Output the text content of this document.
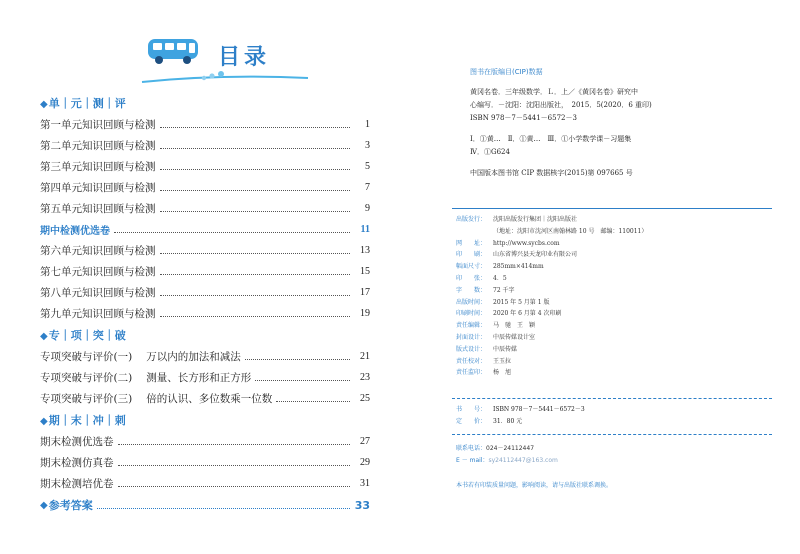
目录
◆单｜元｜测｜评
第一单元知识回顾与检测	1
第二单元知识回顾与检测	3
第三单元知识回顾与检测	5
第四单元知识回顾与检测	7
第五单元知识回顾与检测	9
期中检测优选卷	11
第六单元知识回顾与检测	13
第七单元知识回顾与检测	15
第八单元知识回顾与检测	17
第九单元知识回顾与检测	19
◆专｜项｜突｜破
专项突破与评价(一) 万以内的加法和减法	21
专项突破与评价(二) 测量、长方形和正方形	23
专项突破与评价(三) 倍的认识、多位数乘一位数	25
◆期｜末｜冲｜刺
期末检测优选卷	27
期末检测仿真卷	29
期末检测培优卷	31
◆ 参考答案	33
图书在版编目(CIP)数据

黄冈名卷．三年级数学．Ｌ．上／《黄冈名卷》研究中

心编写．－沈阳：沈阳出版社，　2015．5(2020．6 重印)

ISBN 978－7－5441－6572－3

Ⅰ．①黄…　Ⅱ．①黄…　Ⅲ．①小学数学课－习题集

Ⅳ．①G624

中国版本图书馆 CIP 数据核字(2015)第 097665 号

出版发行：	沈阳出版发行集团｜沈阳出版社
（地址：沈阳市沈河区南翰林路 10 号　邮编：110011）
网　　址：	http://www.sycbs.com
印　　刷：	山东省博兴县天龙印业有限公司
幅面尺寸：	285mm×414mm
印　　张：	4．5
字　　数：	72 千字
出版时间：	2015 年 5 月第 1 版
印刷时间：	2020 年 6 月第 4 次印刷
责任编辑：	马　驰　王　颖
封面设计：	中辰传媒设计室
版式设计：	中辰传媒
责任校对：	王玉拉
责任监印：	杨　旭
书　　号：	ISBN 978－7－5441－6572－3
定　　价：	31．80 元
联系电话：024－24112447
E － mail：sy24112447@163.com
本书若有印装质量问题，影响阅读，请与出版社联系调换。
